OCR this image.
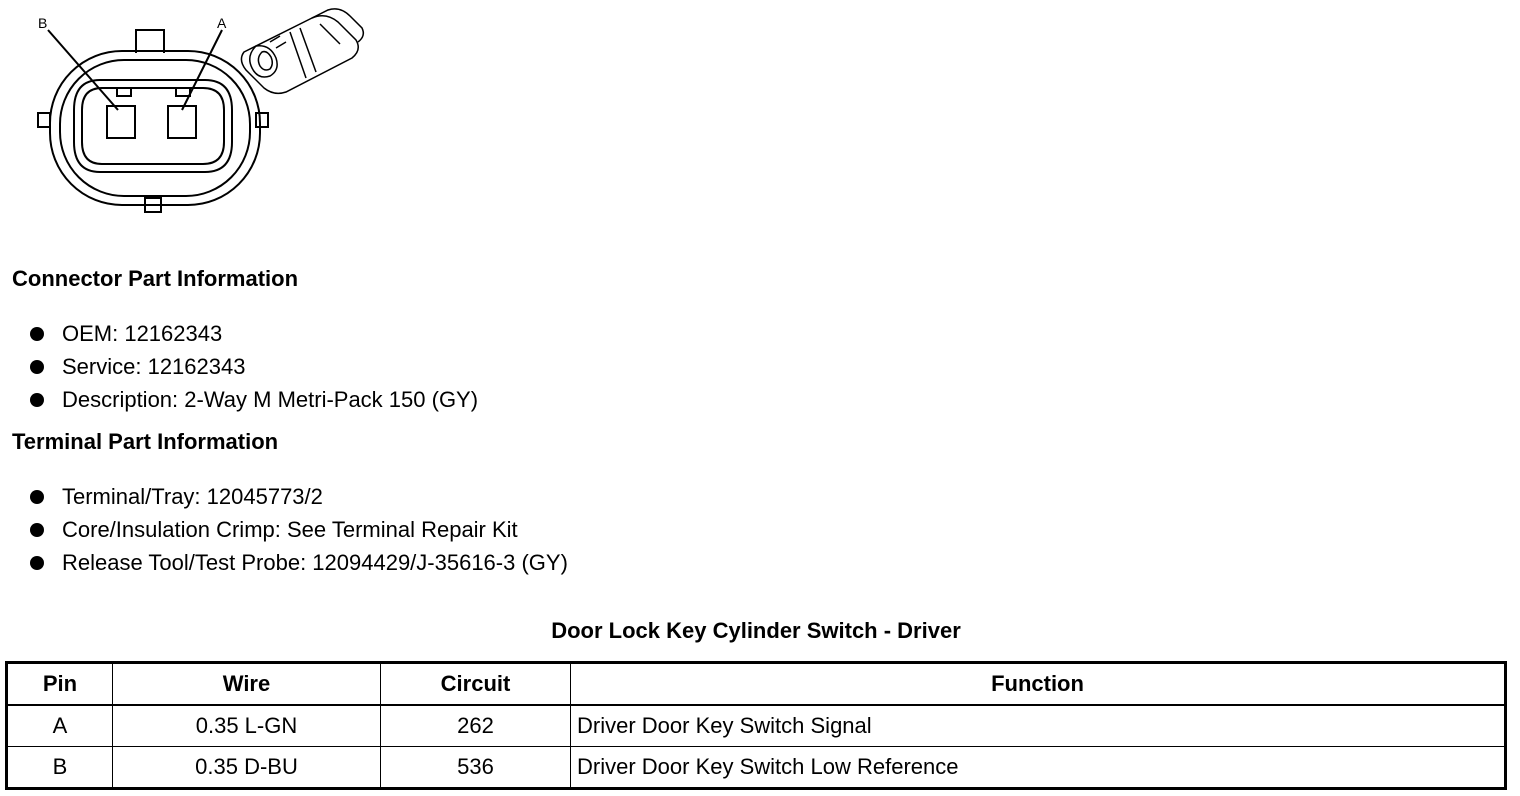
B	A
Connector Part Information
OEM: 12162343
Service: 12162343
Description: 2-Way M Metri-Pack 150 (GY)
Terminal Part Information
Terminal/Tray: 12045773/2
Core/Insulation Crimp: See Terminal Repair Kit
Release Tool/Test Probe: 12094429/J-35616-3 (GY)
Door Lock Key Cylinder Switch - Driver
Pin	Wire	Circuit	Function
A	0.35 L-GN	262	Driver Door Key Switch Signal
B	0.35 D-BU	536	Driver Door Key Switch Low Reference
